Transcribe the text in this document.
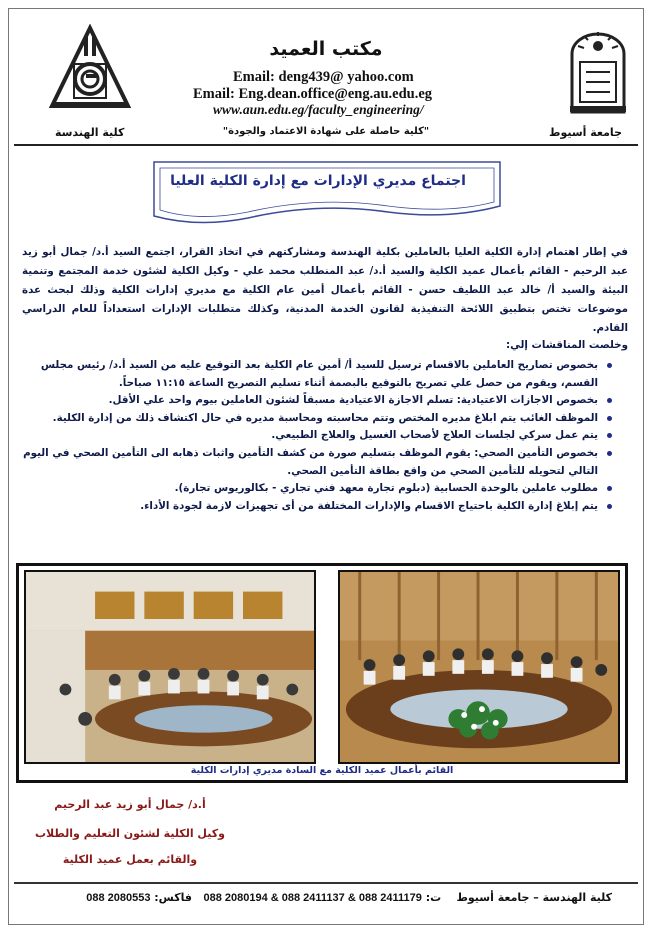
مكتب العميد
Email: deng439@ yahoo.com
Email: Eng.dean.office@eng.au.edu.eg
www.aun.edu.eg/faculty_engineering/
جامعة أسيوط
"كلية حاصلة على شهادة الاعتماد والجودة"
كلية الهندسة
اجتماع مديري الإدارات مع إدارة الكلية العليا
في إطار اهتمام إدارة الكلية العليا بالعاملين بكلية الهندسة ومشاركتهم في اتخاذ القرار، اجتمع السيد أ.د/ جمال أبو زيد عبد الرحيم - القائم بأعمال عميد الكلية والسيد أ.د/ عبد المنطلب محمد علي - وكيل الكلية لشئون خدمة المجتمع وتنمية البيئة والسيد أ/ خالد عبد اللطيف حسن - القائم بأعمال أمين عام الكلية مع مديري إدارات الكلية وذلك لبحث عدة موضوعات تختص بتطبيق اللائحة التنفيذية لقانون الخدمة المدنية، وكذلك متطلبات الإدارات استعداداً للعام الدراسي القادم.
وخلصت المناقشات إلي:
بخصوص تصاريح العاملين بالاقسام ترسيل للسيد أ/ أمين عام الكلية بعد التوقيع عليه من السيد أ.د/ رئيس مجلس القسم، ويقوم من حصل علي تصريح بالتوقيع بالبصمة أثناء تسليم التصريح الساعة ١١:١٥ صباحاً.
بخصوص الاجازات الاعتيادية: تسلم الاجازة الاعتيادية مسبقاً لشئون العاملين بيوم واحد علي الأقل.
الموظف الغائب يتم ابلاغ مديره المختص وتتم محاسبته ومحاسبة مديره في حال اكتشاف ذلك من إدارة الكلية.
يتم عمل سركي لجلسات العلاج لأصحاب الغسيل والعلاج الطبيعي.
بخصوص التأمين الصحي: يقوم الموظف بتسليم صورة من كشف التأمين واثبات ذهابه الى التأمين الصحي في اليوم التالي لتحويله للتأمين الصحي من واقع بطاقة التأمين الصحي.
مطلوب عاملين بالوحدة الحسابية (دبلوم تجارة معهد فني تجاري - بكالوريوس تجارة).
يتم إبلاغ إدارة الكلية باحتياج الاقسام والإدارات المختلفة من أى تجهيزات لازمة لجودة الأداء.
القائم بأعمال عميد الكلية مع السادة مديري إدارات الكلية
أ.د/ جمال أبو زيد عبد الرحيم
وكيل الكلية لشئون التعليم والطلاب
والقائم بعمل عميد الكلية
كلية الهندسة – جامعة أسيوط    ت: 088 2080194 & 088 2411137 & 088 2411179   فاكس: 088 2080553
